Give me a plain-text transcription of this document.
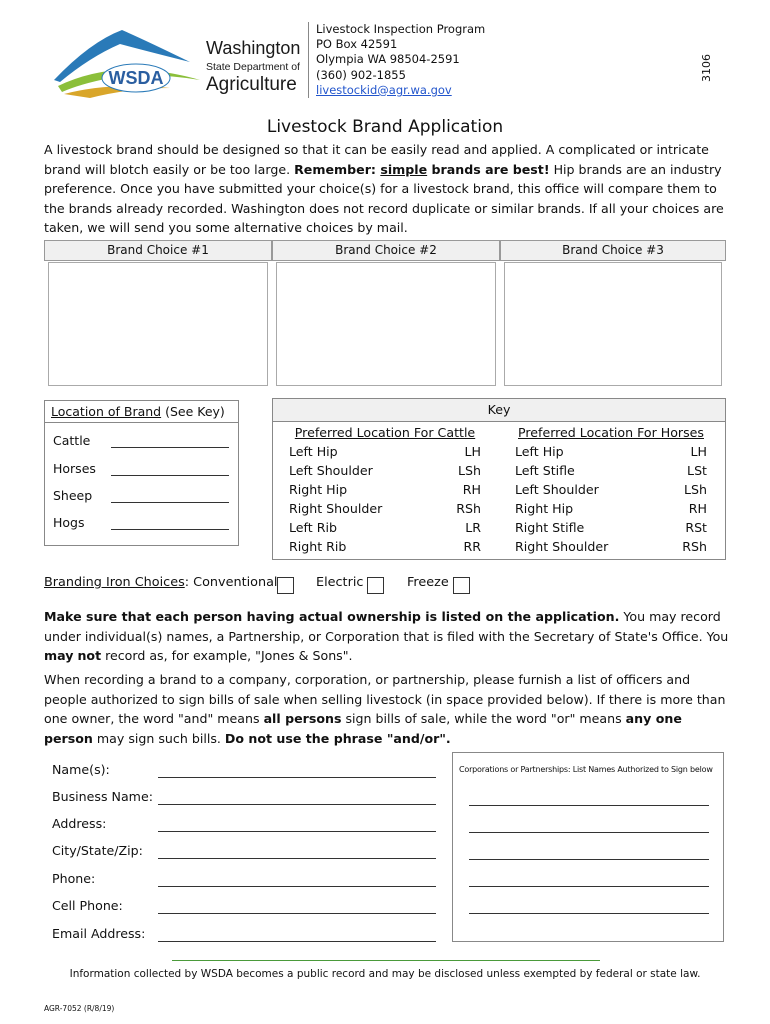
WSDA
Washington
State Department of
Agriculture
Livestock Inspection Program
PO Box 42591
Olympia WA 98504-2591
(360) 902-1855
livestockid@agr.wa.gov
3106
Livestock Brand Application
A livestock brand should be designed so that it can be easily read and applied. A complicated or intricate brand will blotch easily or be too large. Remember: simple brands are best! Hip brands are an industry preference. Once you have submitted your choice(s) for a livestock brand, this office will compare them to the brands already recorded. Washington does not record duplicate or similar brands. If all your choices are taken, we will send you some alternative choices by mail.
Brand Choice #1	Brand Choice #2	Brand Choice #3
Location of Brand (See Key)
Cattle
Horses
Sheep
Hogs
Key
Preferred Location For Cattle
Left Hip	LH
Left Shoulder	LSh
Right Hip	RH
Right Shoulder	RSh
Left Rib	LR
Right Rib	RR
Preferred Location For Horses
Left Hip	LH
Left Stifle	LSt
Left Shoulder	LSh
Right Hip	RH
Right Stifle	RSt
Right Shoulder	RSh
Branding Iron Choices: Conventional	Electric	Freeze
Make sure that each person having actual ownership is listed on the application. You may record under individual(s) names, a Partnership, or Corporation that is filed with the Secretary of State's Office. You may not record as, for example, "Jones & Sons".
When recording a brand to a company, corporation, or partnership, please furnish a list of officers and people authorized to sign bills of sale when selling livestock (in space provided below). If there is more than one owner, the word "and" means all persons sign bills of sale, while the word "or" means any one person may sign such bills. Do not use the phrase "and/or".
Name(s):
Business Name:
Address:
City/State/Zip:
Phone:
Cell Phone:
Email Address:
Corporations or Partnerships: List Names Authorized to Sign below
Information collected by WSDA becomes a public record and may be disclosed unless exempted by federal or state law.
AGR-7052 (R/8/19)
